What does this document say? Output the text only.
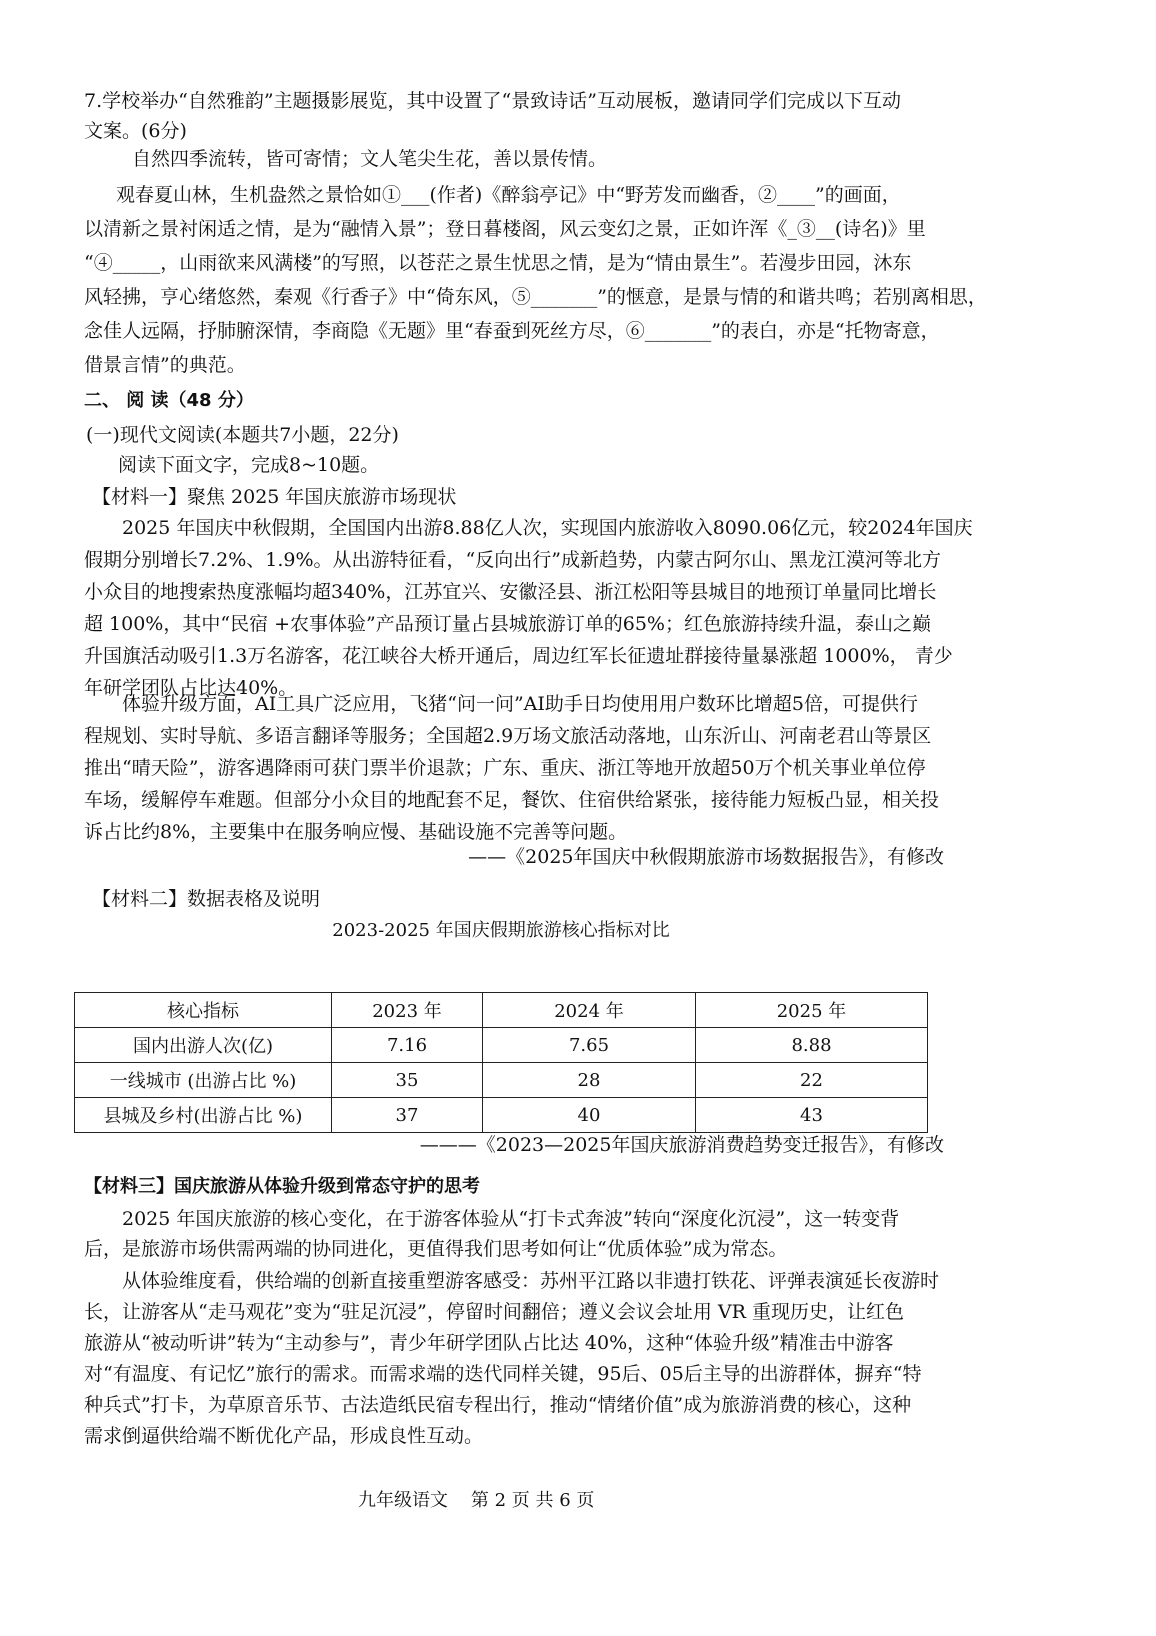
7.学校举办“自然雅韵”主题摄影展览，其中设置了“景致诗话”互动展板，邀请同学们完成以下互动
文案。(6分)
自然四季流转，皆可寄情；文人笔尖生花，善以景传情。
观春夏山林，生机盎然之景恰如①___(作者)《醉翁亭记》中“野芳发而幽香，②____”的画面，
以清新之景衬闲适之情，是为“融情入景”；登日暮楼阁，风云变幻之景，正如许浑《_③__(诗名)》里
“④_____，山雨欲来风满楼”的写照，以苍茫之景生忧思之情，是为“情由景生”。若漫步田园，沐东
风轻拂，亨心绪悠然，秦观《行香子》中“倚东风，⑤_______”的惬意，是景与情的和谐共鸣；若别离相思，
念佳人远隔，抒肺腑深情，李商隐《无题》里“春蚕到死丝方尽，⑥_______”的表白，亦是“托物寄意，
借景言情”的典范。
二、 阅 读（48 分）
(一)现代文阅读(本题共7小题，22分)
阅读下面文字，完成8~10题。
【材料一】聚焦 2025 年国庆旅游市场现状
2025 年国庆中秋假期，全国国内出游8.88亿人次，实现国内旅游收入8090.06亿元，较2024年国庆
假期分别增长7.2%、1.9%。从出游特征看，“反向出行”成新趋势，内蒙古阿尔山、黑龙江漠河等北方
小众目的地搜索热度涨幅均超340%，江苏宜兴、安徽泾县、浙江松阳等县城目的地预订单量同比增长
超 100%，其中“民宿 +农事体验”产品预订量占县城旅游订单的65%；红色旅游持续升温，泰山之巅
升国旗活动吸引1.3万名游客，花江峡谷大桥开通后，周边红军长征遗址群接待量暴涨超 1000%， 青少
年研学团队占比达40%。
体验升级方面，AI工具广泛应用，飞猪“问一问”AI助手日均使用用户数环比增超5倍，可提供行
程规划、实时导航、多语言翻译等服务；全国超2.9万场文旅活动落地，山东沂山、河南老君山等景区
推出“晴天险”，游客遇降雨可获门票半价退款；广东、重庆、浙江等地开放超50万个机关事业单位停
车场，缓解停车难题。但部分小众目的地配套不足，餐饮、住宿供给紧张，接待能力短板凸显，相关投
诉占比约8%，主要集中在服务响应慢、基础设施不完善等问题。
——《2025年国庆中秋假期旅游市场数据报告》，有修改
【材料二】数据表格及说明
2023-2025 年国庆假期旅游核心指标对比
核心指标	2023 年	2024 年	2025 年
国内出游人次(亿)	7.16	7.65	8.88
一线城市 (出游占比 %)	35	28	22
县城及乡村(出游占比 %)	37	40	43
———《2023—2025年国庆旅游消费趋势变迁报告》，有修改
【材料三】国庆旅游从体验升级到常态守护的思考
2025 年国庆旅游的核心变化，在于游客体验从“打卡式奔波”转向“深度化沉浸”，这一转变背
后，是旅游市场供需两端的协同进化，更值得我们思考如何让“优质体验”成为常态。
从体验维度看，供给端的创新直接重塑游客感受：苏州平江路以非遗打铁花、评弹表演延长夜游时
长，让游客从“走马观花”变为“驻足沉浸”，停留时间翻倍；遵义会议会址用 VR 重现历史，让红色
旅游从“被动听讲”转为“主动参与”，青少年研学团队占比达 40%，这种“体验升级”精准击中游客
对“有温度、有记忆”旅行的需求。而需求端的迭代同样关键，95后、05后主导的出游群体，摒弃“特
种兵式”打卡，为草原音乐节、古法造纸民宿专程出行，推动“情绪价值”成为旅游消费的核心，这种
需求倒逼供给端不断优化产品，形成良性互动。
九年级语文    第 2 页 共 6 页
